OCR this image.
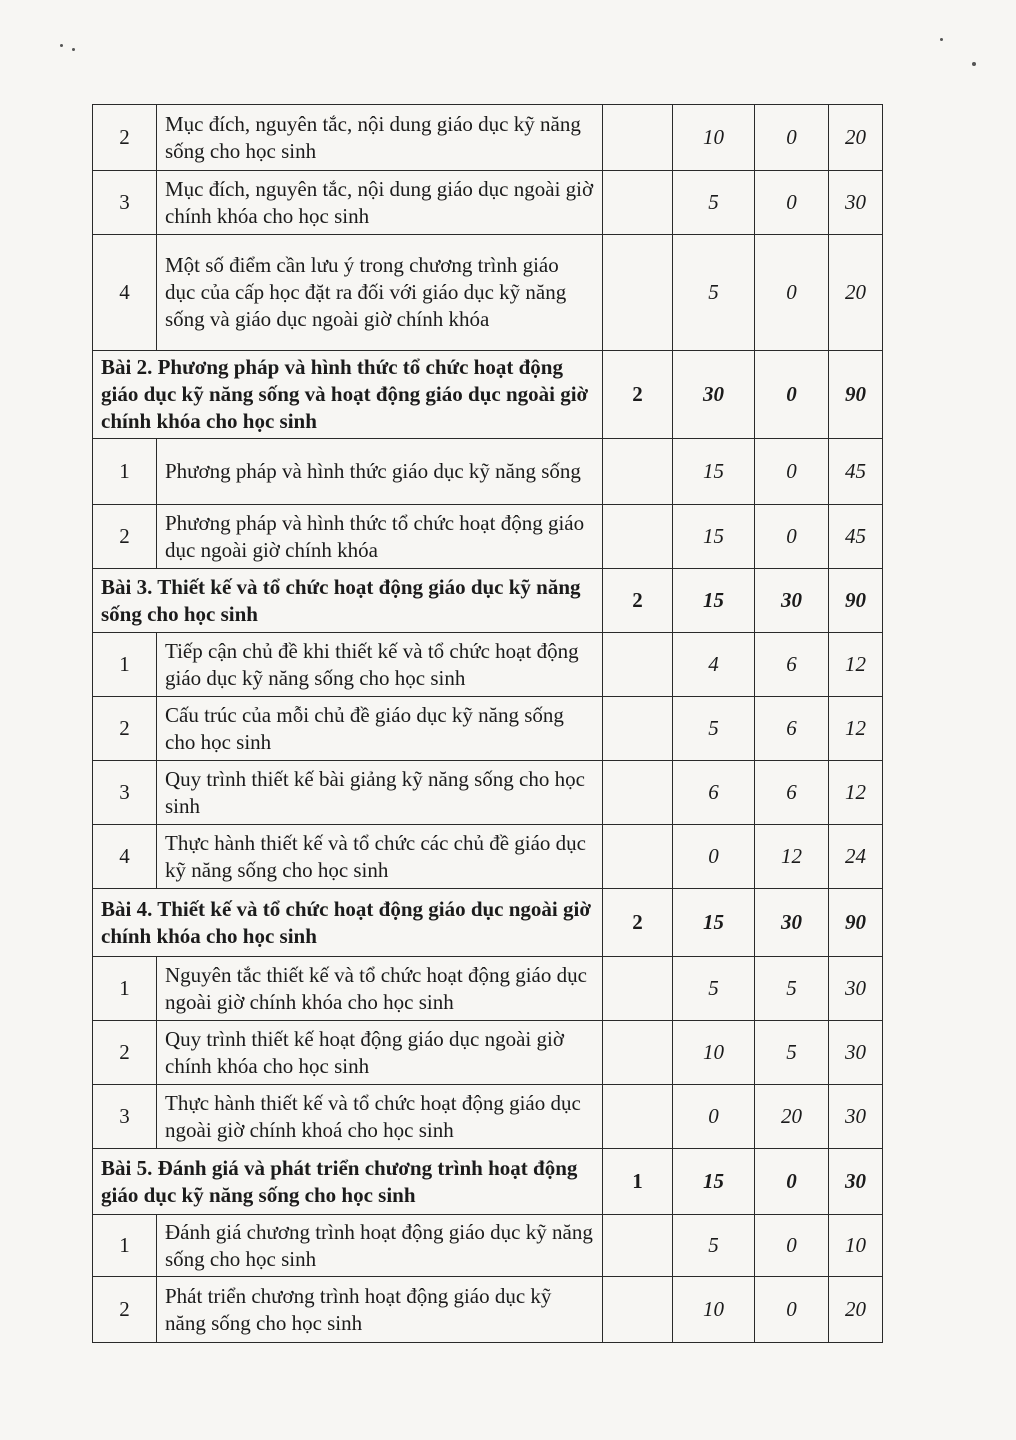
2	Mục đích, nguyên tắc, nội dung giáo dục kỹ năng sống cho học sinh		10	0	20
3	Mục đích, nguyên tắc, nội dung giáo dục ngoài giờ chính khóa cho học sinh		5	0	30
4	Một số điểm cần lưu ý trong chương trình giáo dục của cấp học đặt ra đối với giáo dục kỹ năng sống và giáo dục ngoài giờ chính khóa		5	0	20
Bài 2. Phương pháp và hình thức tổ chức hoạt động giáo dục kỹ năng sống và hoạt động giáo dục ngoài giờ chính khóa cho học sinh		2	30	0	90
1	Phương pháp và hình thức giáo dục kỹ năng sống		15	0	45
2	Phương pháp và hình thức tổ chức hoạt động giáo dục ngoài giờ chính khóa		15	0	45
Bài 3. Thiết kế và tổ chức hoạt động giáo dục kỹ năng sống cho học sinh		2	15	30	90
1	Tiếp cận chủ đề khi thiết kế và tổ chức hoạt động giáo dục kỹ năng sống cho học sinh		4	6	12
2	Cấu trúc của mỗi chủ đề giáo dục kỹ năng sống cho học sinh		5	6	12
3	Quy trình thiết kế bài giảng kỹ năng sống cho học sinh		6	6	12
4	Thực hành thiết kế và tổ chức các chủ đề giáo dục kỹ năng sống cho học sinh		0	12	24
Bài 4. Thiết kế và tổ chức hoạt động giáo dục ngoài giờ chính khóa cho học sinh		2	15	30	90
1	Nguyên tắc thiết kế và tổ chức hoạt động giáo dục ngoài giờ chính khóa cho học sinh		5	5	30
2	Quy trình thiết kế hoạt động giáo dục ngoài giờ chính khóa cho học sinh		10	5	30
3	Thực hành thiết kế và tổ chức hoạt động giáo dục ngoài giờ chính khoá cho học sinh		0	20	30
Bài 5. Đánh giá và phát triển chương trình hoạt động giáo dục kỹ năng sống cho học sinh		1	15	0	30
1	Đánh giá chương trình hoạt động giáo dục kỹ năng sống cho học sinh		5	0	10
2	Phát triển chương trình hoạt động giáo dục kỹ năng sống cho học sinh		10	0	20
